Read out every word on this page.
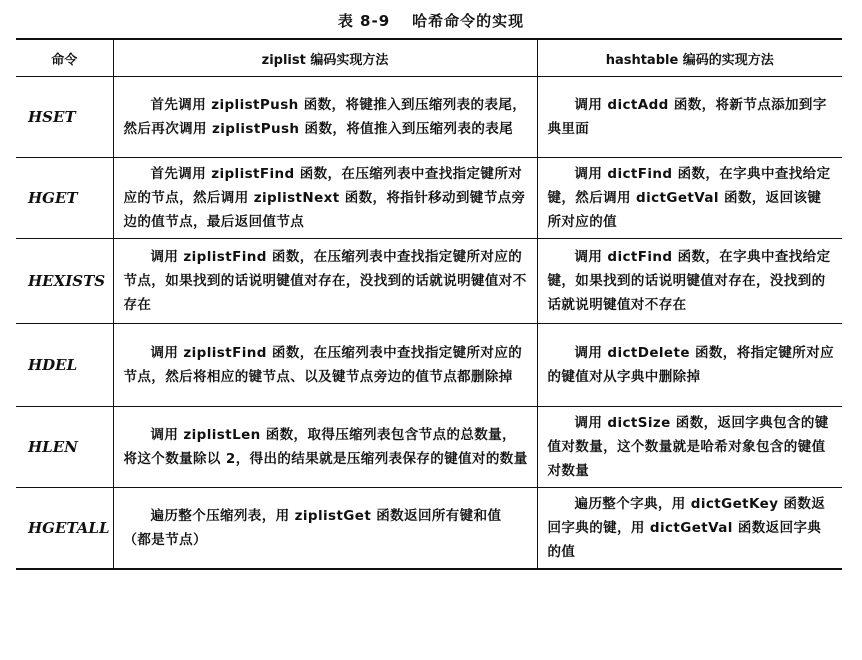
表 8-9 哈希命令的实现
命令	ziplist 编码实现方法	hashtable 编码的实现方法
HSET	首先调用 ziplistPush 函数，将键推入到压缩列表的表尾，然后再次调用 ziplistPush 函数，将值推入到压缩列表的表尾	调用 dictAdd 函数，将新节点添加到字典里面

HGET	首先调用 ziplistFind 函数，在压缩列表中查找指定键所对应的节点，然后调用 ziplistNext 函数，将指针移动到键节点旁边的值节点，最后返回值节点	调用 dictFind 函数，在字典中查找给定键，然后调用 dictGetVal 函数，返回该键所对应的值

HEXISTS	调用 ziplistFind 函数，在压缩列表中查找指定键所对应的节点，如果找到的话说明键值对存在，没找到的话就说明键值对不存在	调用 dictFind 函数，在字典中查找给定键，如果找到的话说明键值对存在，没找到的话就说明键值对不存在

HDEL	调用 ziplistFind 函数，在压缩列表中查找指定键所对应的节点，然后将相应的键节点、以及键节点旁边的值节点都删除掉	调用 dictDelete 函数，将指定键所对应的键值对从字典中删除掉

HLEN	调用 ziplistLen 函数，取得压缩列表包含节点的总数量，将这个数量除以 2，得出的结果就是压缩列表保存的键值对的数量	调用 dictSize 函数，返回字典包含的键值对数量，这个数量就是哈希对象包含的键值对数量

HGETALL	遍历整个压缩列表，用 ziplistGet 函数返回所有键和值（都是节点）	遍历整个字典，用 dictGetKey 函数返回字典的键，用 dictGetVal 函数返回字典的值
